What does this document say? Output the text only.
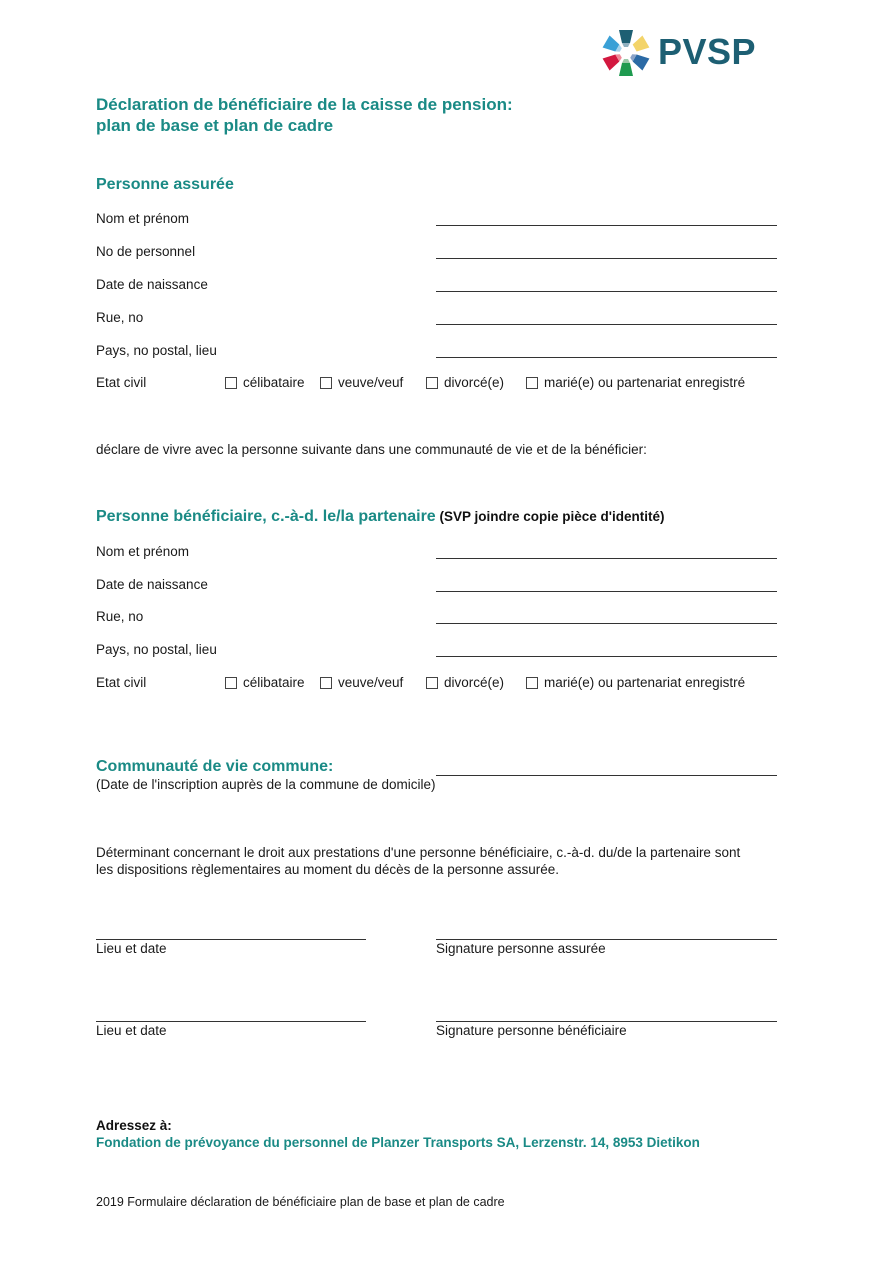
PVSP
Déclaration de bénéficiaire de la caisse de pension:
plan de base et plan de cadre
Personne assurée
Nom et prénom
No de personnel
Date de naissance
Rue, no
Pays, no postal, lieu
Etat civil	célibataire	veuve/veuf	divorcé(e)	marié(e) ou partenariat enregistré
déclare de vivre avec la personne suivante dans une communauté de vie et de la bénéficier:
Personne bénéficiaire, c.-à-d. le/la partenaire (SVP joindre copie pièce d'identité)
Nom et prénom
Date de naissance
Rue, no
Pays, no postal, lieu
Etat civil	célibataire	veuve/veuf	divorcé(e)	marié(e) ou partenariat enregistré
Communauté de vie commune:
(Date de l'inscription auprès de la commune de domicile)
Déterminant concernant le droit aux prestations d'une personne bénéficiaire, c.-à-d. du/de la partenaire sont
les dispositions règlementaires au moment du décès de la personne assurée.
Lieu et date	Signature personne assurée
Lieu et date	Signature personne bénéficiaire
Adressez à:
Fondation de prévoyance du personnel de Planzer Transports SA, Lerzenstr. 14, 8953 Dietikon
2019 Formulaire déclaration de bénéficiaire plan de base et plan de cadre
